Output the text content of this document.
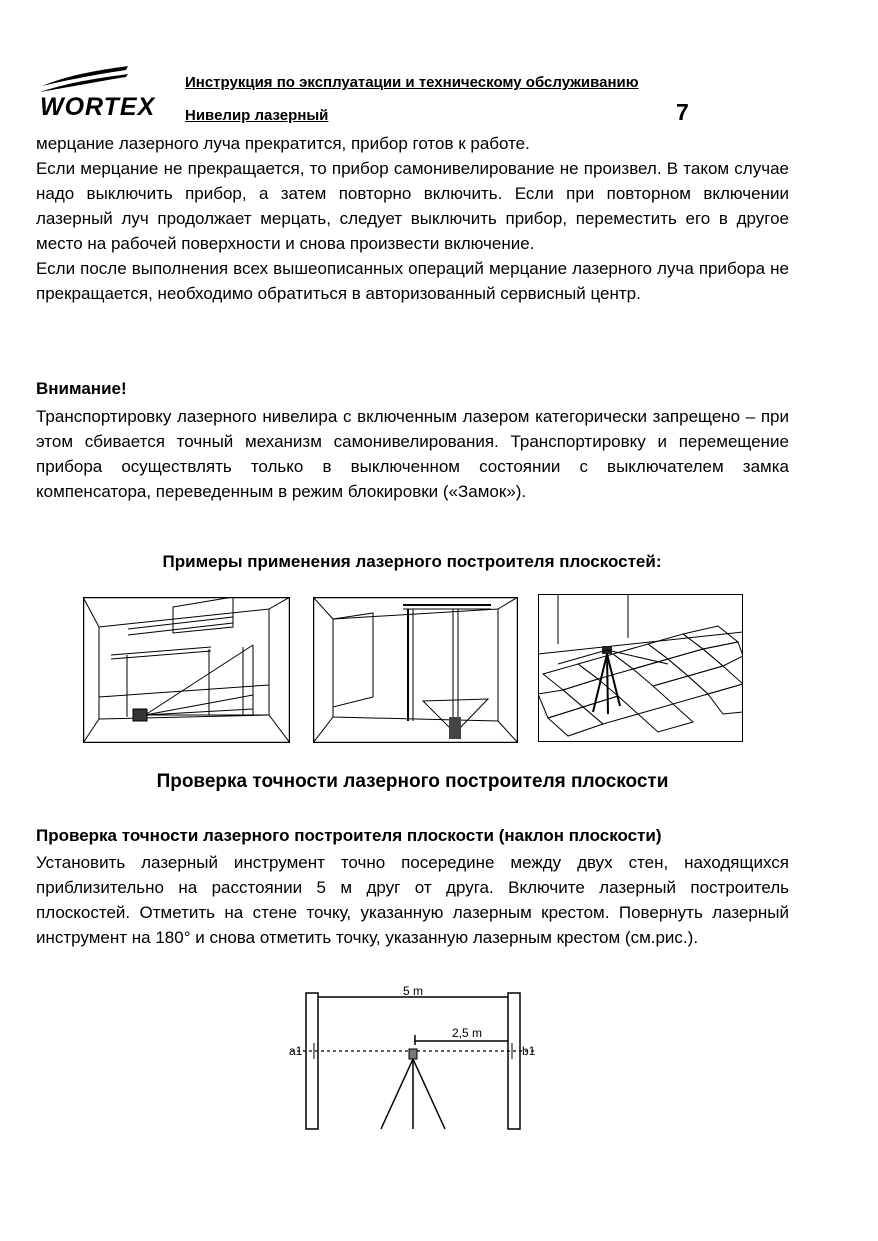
WORTEX
Инструкция по эксплуатации и техническому обслуживанию
Нивелир лазерный	7
мерцание лазерного луча прекратится, прибор готов к работе.
Если мерцание не прекращается, то прибор самонивелирование не произвел. В таком случае надо выключить прибор, а затем повторно включить. Если при повторном включении лазерный луч продолжает мерцать, следует выключить прибор, переместить его в другое место на рабочей поверхности и снова произвести включение.
Если после выполнения всех вышеописанных операций мерцание лазерного луча прибора не прекращается, необходимо обратиться в авторизованный сервисный центр.
Внимание!
Транспортировку лазерного нивелира с включенным лазером категорически запрещено – при этом сбивается точный механизм самонивелирования. Транспортировку и перемещение прибора осуществлять только в выключенном состоянии с выключателем замка компенсатора, переведенным в режим блокировки («Замок»).
Примеры применения лазерного построителя плоскостей:
Проверка точности лазерного построителя плоскости
Проверка точности лазерного построителя плоскости (наклон плоскости)
Установить лазерный инструмент точно посередине между двух стен, находящихся приблизительно на расстоянии 5 м друг от друга. Включите лазерный построитель плоскостей. Отметить на стене точку, указанную лазерным крестом. Повернуть лазерный инструмент на 180° и снова отметить точку, указанную лазерным крестом (см.рис.).
5 m
2,5 m
a1	b1
